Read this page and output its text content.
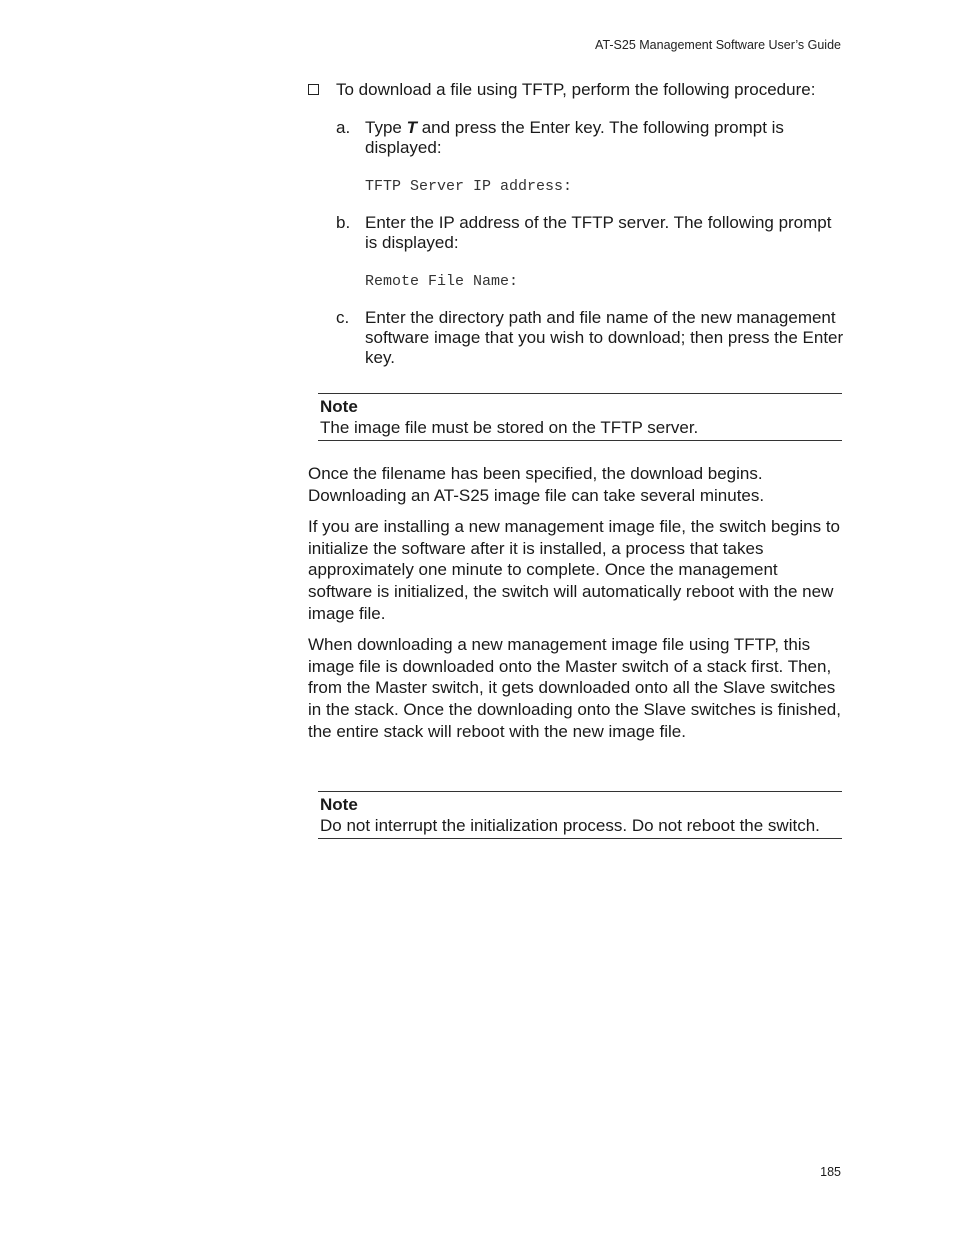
AT-S25 Management Software User’s Guide
To download a file using TFTP, perform the following procedure:
a. Type T and press the Enter key. The following prompt is displayed:
TFTP Server IP address:
b. Enter the IP address of the TFTP server. The following prompt is displayed:
Remote File Name:
c. Enter the directory path and file name of the new management software image that you wish to download; then press the Enter key.
Note
The image file must be stored on the TFTP server.
Once the filename has been specified, the download begins. Downloading an AT-S25 image file can take several minutes.
If you are installing a new management image file, the switch begins to initialize the software after it is installed, a process that takes approximately one minute to complete. Once the management software is initialized, the switch will automatically reboot with the new image file.
When downloading a new management image file using TFTP, this image file is downloaded onto the Master switch of a stack first. Then, from the Master switch, it gets downloaded onto all the Slave switches in the stack. Once the downloading onto the Slave switches is finished, the entire stack will reboot with the new image file.
Note
Do not interrupt the initialization process. Do not reboot the switch.
185
